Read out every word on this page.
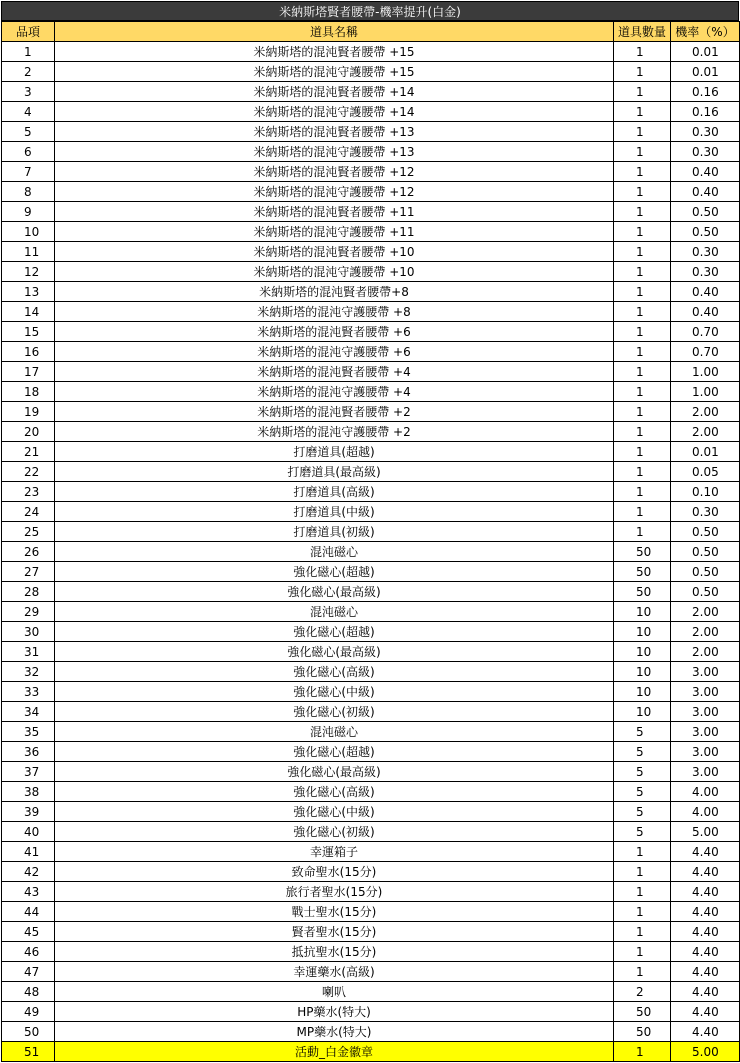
米納斯塔賢者腰帶-機率提升(白金)
品項	道具名稱	道具數量	機率（%）
1	米納斯塔的混沌賢者腰帶 +15	1	0.01
2	米納斯塔的混沌守護腰帶 +15	1	0.01
3	米納斯塔的混沌賢者腰帶 +14	1	0.16
4	米納斯塔的混沌守護腰帶 +14	1	0.16
5	米納斯塔的混沌賢者腰帶 +13	1	0.30
6	米納斯塔的混沌守護腰帶 +13	1	0.30
7	米納斯塔的混沌賢者腰帶 +12	1	0.40
8	米納斯塔的混沌守護腰帶 +12	1	0.40
9	米納斯塔的混沌賢者腰帶 +11	1	0.50
10	米納斯塔的混沌守護腰帶 +11	1	0.50
11	米納斯塔的混沌賢者腰帶 +10	1	0.30
12	米納斯塔的混沌守護腰帶 +10	1	0.30
13	米納斯塔的混沌賢者腰帶+8	1	0.40
14	米納斯塔的混沌守護腰帶 +8	1	0.40
15	米納斯塔的混沌賢者腰帶 +6	1	0.70
16	米納斯塔的混沌守護腰帶 +6	1	0.70
17	米納斯塔的混沌賢者腰帶 +4	1	1.00
18	米納斯塔的混沌守護腰帶 +4	1	1.00
19	米納斯塔的混沌賢者腰帶 +2	1	2.00
20	米納斯塔的混沌守護腰帶 +2	1	2.00
21	打磨道具(超越)	1	0.01
22	打磨道具(最高級)	1	0.05
23	打磨道具(高級)	1	0.10
24	打磨道具(中級)	1	0.30
25	打磨道具(初級)	1	0.50
26	混沌磁心	50	0.50
27	強化磁心(超越)	50	0.50
28	強化磁心(最高級)	50	0.50
29	混沌磁心	10	2.00
30	強化磁心(超越)	10	2.00
31	強化磁心(最高級)	10	2.00
32	強化磁心(高級)	10	3.00
33	強化磁心(中級)	10	3.00
34	強化磁心(初級)	10	3.00
35	混沌磁心	5	3.00
36	強化磁心(超越)	5	3.00
37	強化磁心(最高級)	5	3.00
38	強化磁心(高級)	5	4.00
39	強化磁心(中級)	5	4.00
40	強化磁心(初級)	5	5.00
41	幸運箱子	1	4.40
42	致命聖水(15分)	1	4.40
43	旅行者聖水(15分)	1	4.40
44	戰士聖水(15分)	1	4.40
45	賢者聖水(15分)	1	4.40
46	抵抗聖水(15分)	1	4.40
47	幸運藥水(高級)	1	4.40
48	喇叭	2	4.40
49	HP藥水(特大)	50	4.40
50	MP藥水(特大)	50	4.40
51	活動_白金徽章	1	5.00
